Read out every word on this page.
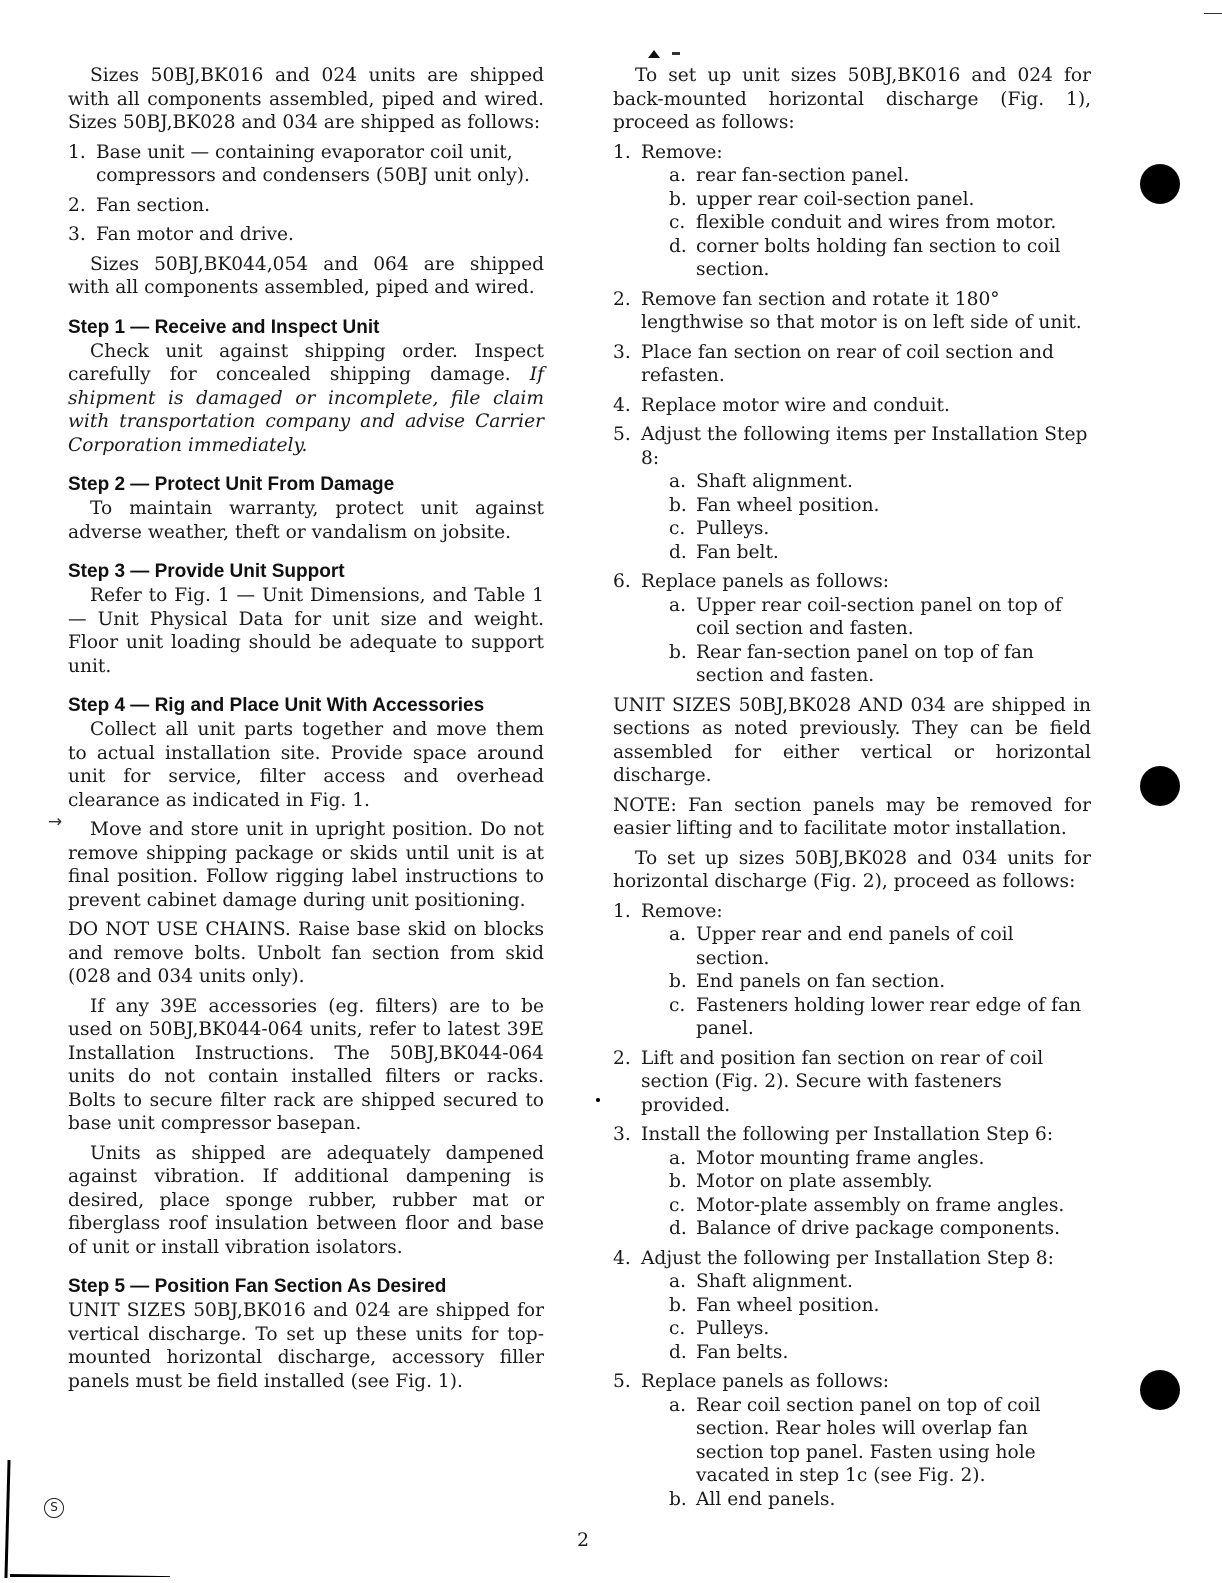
Sizes 50BJ,BK016 and 024 units are shipped with all components assembled, piped and wired. Sizes 50BJ,BK028 and 034 are shipped as follows:

1. Base unit — containing evaporator coil unit, compressors and condensers (50BJ unit only).
2. Fan section.
3. Fan motor and drive.

Sizes 50BJ,BK044,054 and 064 are shipped with all components assembled, piped and wired.

Step 1 — Receive and Inspect Unit

Check unit against shipping order. Inspect carefully for concealed shipping damage. If shipment is damaged or incomplete, file claim with transportation company and advise Carrier Corporation immediately.

Step 2 — Protect Unit From Damage

To maintain warranty, protect unit against adverse weather, theft or vandalism on jobsite.

Step 3 — Provide Unit Support

Refer to Fig. 1 — Unit Dimensions, and Table 1 — Unit Physical Data for unit size and weight. Floor unit loading should be adequate to support unit.

Step 4 — Rig and Place Unit With Accessories

Collect all unit parts together and move them to actual installation site. Provide space around unit for service, filter access and overhead clearance as indicated in Fig. 1.

Move and store unit in upright position. Do not remove shipping package or skids until unit is at final position. Follow rigging label instructions to prevent cabinet damage during unit positioning.

DO NOT USE CHAINS. Raise base skid on blocks and remove bolts. Unbolt fan section from skid (028 and 034 units only).

If any 39E accessories (eg. filters) are to be used on 50BJ,BK044-064 units, refer to latest 39E Installation Instructions. The 50BJ,BK044-064 units do not contain installed filters or racks. Bolts to secure filter rack are shipped secured to base unit compressor basepan.

Units as shipped are adequately dampened against vibration. If additional dampening is desired, place sponge rubber, rubber mat or fiberglass roof insulation between floor and base of unit or install vibration isolators.

Step 5 — Position Fan Section As Desired

UNIT SIZES 50BJ,BK016 and 024 are shipped for vertical discharge. To set up these units for top-mounted horizontal discharge, accessory filler panels must be field installed (see Fig. 1).

→

To set up unit sizes 50BJ,BK016 and 024 for back-mounted horizontal discharge (Fig. 1), proceed as follows:

1. Remove:
a. rear fan-section panel.
b. upper rear coil-section panel.
c. flexible conduit and wires from motor.
d. corner bolts holding fan section to coil section.
2. Remove fan section and rotate it 180° lengthwise so that motor is on left side of unit.
3. Place fan section on rear of coil section and refasten.
4. Replace motor wire and conduit.
5. Adjust the following items per Installation Step 8:
a. Shaft alignment.
b. Fan wheel position.
c. Pulleys.
d. Fan belt.
6. Replace panels as follows:
a. Upper rear coil-section panel on top of coil section and fasten.
b. Rear fan-section panel on top of fan section and fasten.

UNIT SIZES 50BJ,BK028 AND 034 are shipped in sections as noted previously. They can be field assembled for either vertical or horizontal discharge.

NOTE: Fan section panels may be removed for easier lifting and to facilitate motor installation.

To set up sizes 50BJ,BK028 and 034 units for horizontal discharge (Fig. 2), proceed as follows:

1. Remove:
a. Upper rear and end panels of coil section.
b. End panels on fan section.
c. Fasteners holding lower rear edge of fan panel.
2. Lift and position fan section on rear of coil section (Fig. 2). Secure with fasteners provided.
3. Install the following per Installation Step 6:
a. Motor mounting frame angles.
b. Motor on plate assembly.
c. Motor-plate assembly on frame angles.
d. Balance of drive package components.
4. Adjust the following per Installation Step 8:
a. Shaft alignment.
b. Fan wheel position.
c. Pulleys.
d. Fan belts.
5. Replace panels as follows:
a. Rear coil section panel on top of coil section. Rear holes will overlap fan section top panel. Fasten using hole vacated in step 1c (see Fig. 2).
b. All end panels.
S
2
